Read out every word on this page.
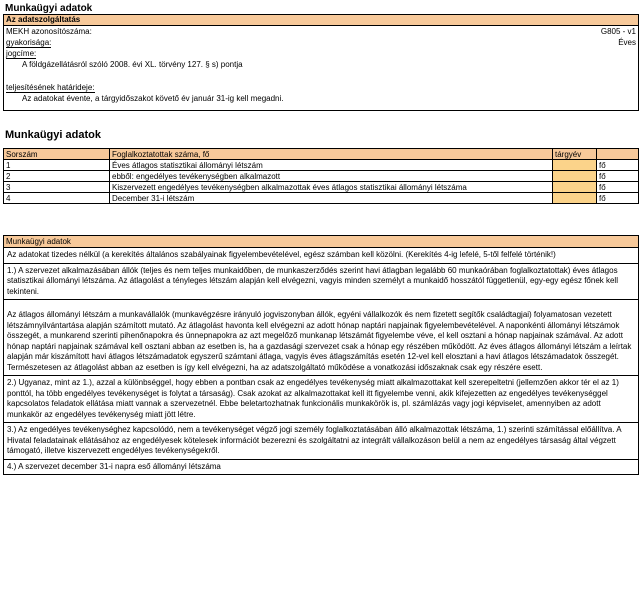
Munkaügyi adatok
Az adatszolgáltatás
MEKH azonosítószáma:	G805 - v1
gyakorisága:	Éves
jogcíme:
A földgázellátásról szóló 2008. évi XL. törvény 127. § s) pontja
teljesítésének határideje:
Az adatokat évente, a tárgyidőszakot követő év január 31-ig kell megadni.
Munkaügyi adatok
Sorszám	Foglalkoztatottak száma, fő	tárgyév	
1	Éves átlagos statisztikai állományi létszám		fő
2	ebből: engedélyes tevékenységben alkalmazott		fő
3	Kiszervezett engedélyes tevékenységben alkalmazottak éves átlagos statisztikai állományi létszáma		fő
4	December 31-i létszám		fő
Munkaügyi adatok
Az adatokat tizedes nélkül (a kerekítés általános szabályainak figyelembevételével, egész számban kell közölni. (Kerekítés 4-ig lefelé, 5-től felfelé történik!)
1.) A szervezet alkalmazásában állók (teljes és nem teljes munkaidőben, de munkaszerződés szerint havi átlagban legalább 60 munkaórában foglalkoztatottak) éves átlagos statisztikai állományi létszáma. Az átlagolást a tényleges létszám alapján kell elvégezni, vagyis minden személyt a munkaidő hosszától függetlenül, egy-egy egész főnek kell tekinteni.
Az átlagos állományi létszám a munkavállalók (munkavégzésre irányuló jogviszonyban állók, egyéni vállalkozók és nem fizetett segítők családtagjai) folyamatosan vezetett létszámnyilvántartása alapján számított mutató. Az átlagolást havonta kell elvégezni az adott hónap naptári napjainak figyelembevételével. A naponkénti állományi létszámok összegét, a munkarend szerinti pihenőnapokra és ünnepnapokra az azt megelőző munkanap létszámát figyelembe véve, el kell osztani a hónap napjainak számával. Az adott hónap naptári napjainak számával kell osztani abban az esetben is, ha a gazdasági szervezet csak a hónap egy részében működött. Az éves átlagos állományi létszám a leírtak alapján már kiszámított havi átlagos létszámadatok egyszerű számtani átlaga, vagyis éves átlagszámítás esetén 12-vel kell elosztani a havi átlagos létszámadatok összegét. Természetesen az átlagolást abban az esetben is így kell elvégezni, ha az adatszolgáltató működése a vonatkozási időszaknak csak egy részére esett.
2.) Ugyanaz, mint az 1.), azzal a különbséggel, hogy ebben a pontban csak az engedélyes tevékenység miatt alkalmazottakat kell szerepeltetni (jellemzően akkor tér el az 1) ponttól, ha több engedélyes tevékenységet is folytat a társaság). Csak azokat az alkalmazottakat kell itt figyelembe venni, akik kifejezetten az engedélyes tevékenységgel kapcsolatos feladatok ellátása miatt vannak a szervezetnél. Ebbe beletartozhatnak funkcionális munkakörök is, pl. számlázás vagy jogi képviselet, amennyiben az adott munkakör az engedélyes tevékenység miatt jött létre.
3.) Az engedélyes tevékenységhez kapcsolódó, nem a tevékenységet végző jogi személy foglalkoztatásában álló alkalmazottak létszáma, 1.) szerinti számítással előállítva. A Hivatal feladatainak ellátásához az engedélyesek kötelesek információt bezerezni és szolgáltatni az integrált vállalkozáson belül a nem az engedélyes társaság által végzett támogató, illetve kiszervezett engedélyes tevékenységekről.
4.) A szervezet december 31-i napra eső állományi létszáma
